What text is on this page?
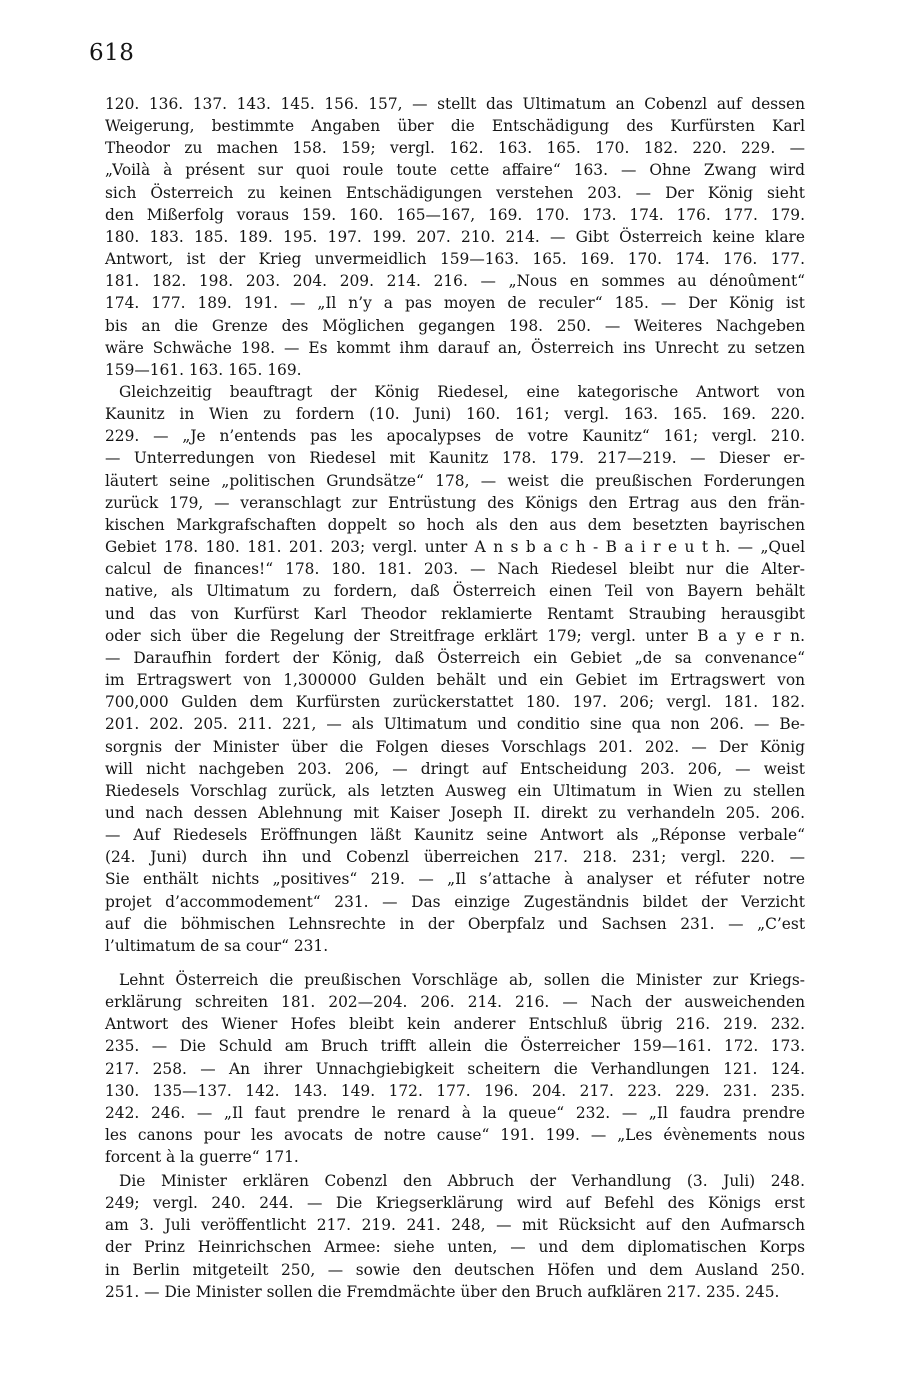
618
120. 136. 137. 143. 145. 156. 157, — stellt das Ultimatum an Cobenzl auf dessen
Weigerung, bestimmte Angaben über die Entschädigung des Kurfürsten Karl
Theodor zu machen 158. 159; vergl. 162. 163. 165. 170. 182. 220. 229. —
„Voilà à présent sur quoi roule toute cette affaire“ 163. — Ohne Zwang wird
sich Österreich zu keinen Entschädigungen verstehen 203. — Der König sieht
den Mißerfolg voraus 159. 160. 165—167, 169. 170. 173. 174. 176. 177. 179.
180. 183. 185. 189. 195. 197. 199. 207. 210. 214. — Gibt Österreich keine klare
Antwort, ist der Krieg unvermeidlich 159—163. 165. 169. 170. 174. 176. 177.
181. 182. 198. 203. 204. 209. 214. 216. — „Nous en sommes au dénoûment“
174. 177. 189. 191. — „Il n’y a pas moyen de reculer“ 185. — Der König ist
bis an die Grenze des Möglichen gegangen 198. 250. — Weiteres Nachgeben
wäre Schwäche 198. — Es kommt ihm darauf an, Österreich ins Unrecht zu setzen
159—161. 163. 165. 169.
Gleichzeitig beauftragt der König Riedesel, eine kategorische Antwort von
Kaunitz in Wien zu fordern (10. Juni) 160. 161; vergl. 163. 165. 169. 220.
229. — „Je n’entends pas les apocalypses de votre Kaunitz“ 161; vergl. 210.
— Unterredungen von Riedesel mit Kaunitz 178. 179. 217—219. — Dieser er-
läutert seine „politischen Grundsätze“ 178, — weist die preußischen Forderungen
zurück 179, — veranschlagt zur Entrüstung des Königs den Ertrag aus den frän-
kischen Markgrafschaften doppelt so hoch als den aus dem besetzten bayrischen
Gebiet 178. 180. 181. 201. 203; vergl. unter A n s b a c h - B a i r e u t h. — „Quel
calcul de finances!“ 178. 180. 181. 203. — Nach Riedesel bleibt nur die Alter-
native, als Ultimatum zu fordern, daß Österreich einen Teil von Bayern behält
und das von Kurfürst Karl Theodor reklamierte Rentamt Straubing herausgibt
oder sich über die Regelung der Streitfrage erklärt 179; vergl. unter B a y e r n.
— Daraufhin fordert der König, daß Österreich ein Gebiet „de sa convenance“
im Ertragswert von 1,300000 Gulden behält und ein Gebiet im Ertragswert von
700,000 Gulden dem Kurfürsten zurückerstattet 180. 197. 206; vergl. 181. 182.
201. 202. 205. 211. 221, — als Ultimatum und conditio sine qua non 206. — Be-
sorgnis der Minister über die Folgen dieses Vorschlags 201. 202. — Der König
will nicht nachgeben 203. 206, — dringt auf Entscheidung 203. 206, — weist
Riedesels Vorschlag zurück, als letzten Ausweg ein Ultimatum in Wien zu stellen
und nach dessen Ablehnung mit Kaiser Joseph II. direkt zu verhandeln 205. 206.
— Auf Riedesels Eröffnungen läßt Kaunitz seine Antwort als „Réponse verbale“
(24. Juni) durch ihn und Cobenzl überreichen 217. 218. 231; vergl. 220. —
Sie enthält nichts „positives“ 219. — „Il s’attache à analyser et réfuter notre
projet d’accommodement“ 231. — Das einzige Zugeständnis bildet der Verzicht
auf die böhmischen Lehnsrechte in der Oberpfalz und Sachsen 231. — „C’est
l’ultimatum de sa cour“ 231.
Lehnt Österreich die preußischen Vorschläge ab, sollen die Minister zur Kriegs-
erklärung schreiten 181. 202—204. 206. 214. 216. — Nach der ausweichenden
Antwort des Wiener Hofes bleibt kein anderer Entschluß übrig 216. 219. 232.
235. — Die Schuld am Bruch trifft allein die Österreicher 159—161. 172. 173.
217. 258. — An ihrer Unnachgiebigkeit scheitern die Verhandlungen 121. 124.
130. 135—137. 142. 143. 149. 172. 177. 196. 204. 217. 223. 229. 231. 235.
242. 246. — „Il faut prendre le renard à la queue“ 232. — „Il faudra prendre
les canons pour les avocats de notre cause“ 191. 199. — „Les évènements nous
forcent à la guerre“ 171.
Die Minister erklären Cobenzl den Abbruch der Verhandlung (3. Juli) 248.
249; vergl. 240. 244. — Die Kriegserklärung wird auf Befehl des Königs erst
am 3. Juli veröffentlicht 217. 219. 241. 248, — mit Rücksicht auf den Aufmarsch
der Prinz Heinrichschen Armee: siehe unten, — und dem diplomatischen Korps
in Berlin mitgeteilt 250, — sowie den deutschen Höfen und dem Ausland 250.
251. — Die Minister sollen die Fremdmächte über den Bruch aufklären 217. 235. 245.
